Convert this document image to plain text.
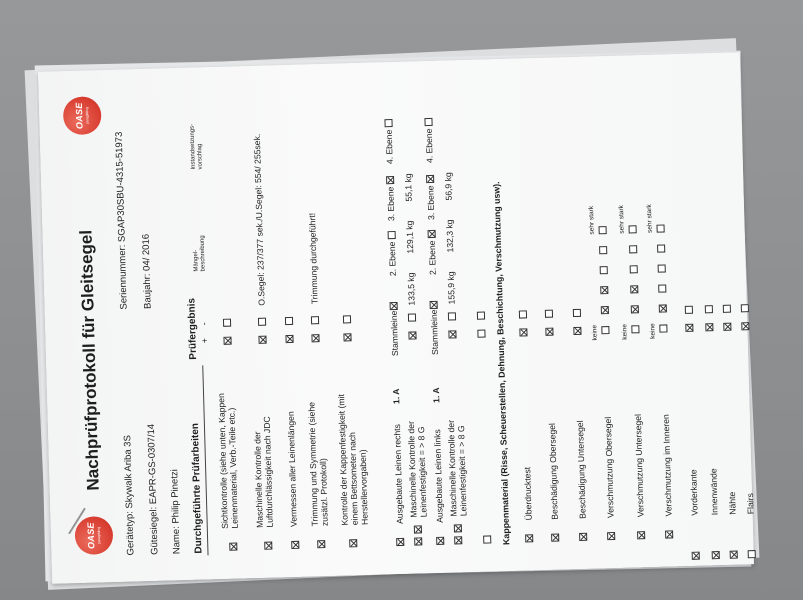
OASE paragliding
Nachprüfprotokoll für Gleitsegel
OASE paragliding
Gerätetyp: Skywalk Ariba 3S
Seriennummer: SGAP30SBU-4315-51973
Gütesiegel: EAPR-GS-0307/14
Baujahr: 04/ 2016
Name: Philip Pinetzi Durchgeführte Prüfarbeiten
Prüfergebnis +
-
Mängel-beschreibung
Instandsetzungs-vorschlag
Sichtkontrolle (siehe unten, Kappen Leinenmaterial, Verb.-Teile etc.) Maschinelle Kontrolle der Luftdurchlässigkeit nach JDC
O.Segel: 237/377 sek./U.Segel: 554/ 255sek.
Vermessen aller Leinenlängen Trimmung und Symmetrie (siehe zusätzl. Protokoll)
Trimmung durchgeführt!
Kontrolle der Kappenfestigkeit (mit einem Bettsometer nach Herstellervorgaben)	Ausgebaute Leinen rechts
1. A
Stammleine
2. Ebene
3. Ebene
4. Ebene
Maschinelle Kontrolle der Leinenfestigkeit = > 8 G
133,5 kg
129,1 kg
55,1 kg
Ausgebaute Leinen links
1. A
Stammleine
2. Ebene
3. Ebene
4. Ebene
Maschinelle Kontrolle der Leinenfestigkeit = > 8 G
155,9 kg
132,3 kg
56,9 kg	Kappenmaterial (Risse, Scheuerstellen, Dehnung, Beschichtung, Verschmutzung usw). Überdrucktest Beschädigung Obersegel Beschädigung Untersegel Verschmutzung Obersegel
keine
sehr stark
Verschmutzung Untersegel
keine
sehr stark
Verschmutzung im Inneren
keine
sehr stark
Vorderkante Innenwände Nähte Flairs
